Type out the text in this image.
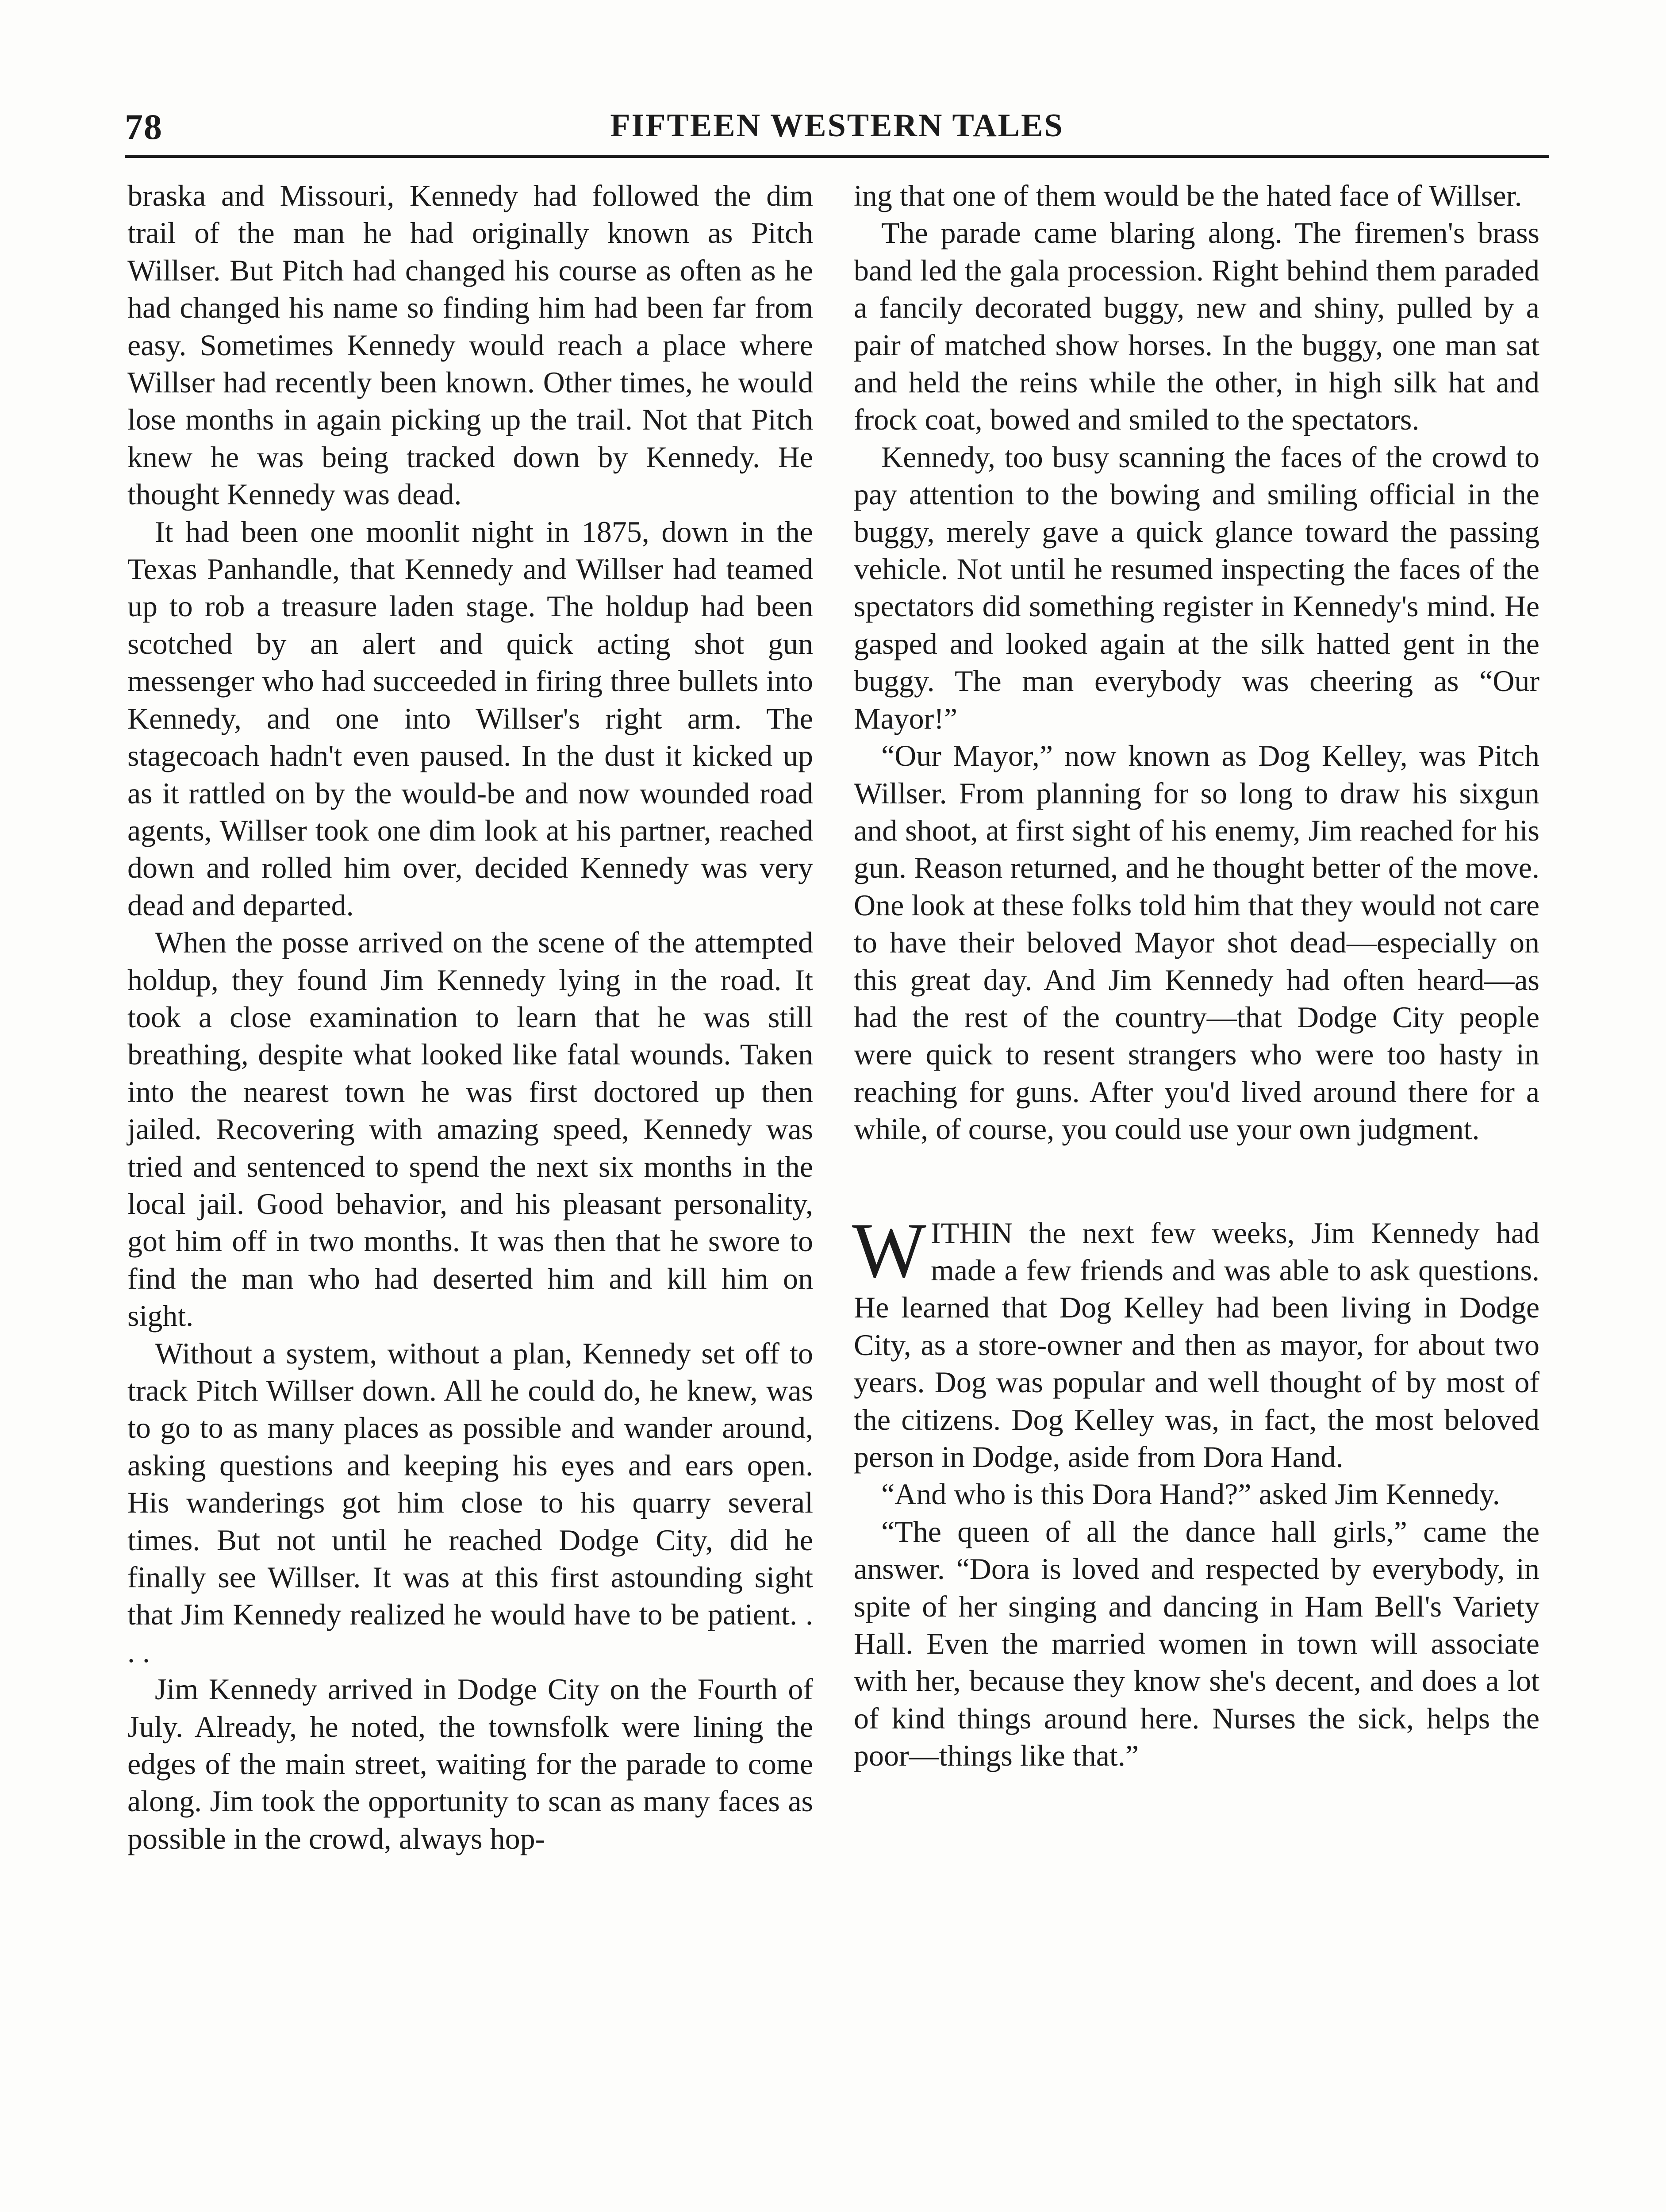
78	FIFTEEN WESTERN TALES

braska and Missouri, Kennedy had followed the dim trail of the man he had originally known as Pitch Willser. But Pitch had changed his course as often as he had changed his name so finding him had been far from easy. Sometimes Kennedy would reach a place where Willser had recently been known. Other times, he would lose months in again picking up the trail. Not that Pitch knew he was being tracked down by Kennedy. He thought Kennedy was dead.

It had been one moonlit night in 1875, down in the Texas Panhandle, that Kennedy and Willser had teamed up to rob a treasure laden stage. The holdup had been scotched by an alert and quick acting shot gun messenger who had succeeded in firing three bullets into Kennedy, and one into Willser's right arm. The stagecoach hadn't even paused. In the dust it kicked up as it rattled on by the would-be and now wounded road agents, Willser took one dim look at his partner, reached down and rolled him over, decided Kennedy was very dead and departed.

When the posse arrived on the scene of the attempted holdup, they found Jim Kennedy lying in the road. It took a close examination to learn that he was still breathing, despite what looked like fatal wounds. Taken into the nearest town he was first doctored up then jailed. Recovering with amazing speed, Kennedy was tried and sentenced to spend the next six months in the local jail. Good behavior, and his pleasant personality, got him off in two months. It was then that he swore to find the man who had deserted him and kill him on sight.

Without a system, without a plan, Kennedy set off to track Pitch Willser down. All he could do, he knew, was to go to as many places as possible and wander around, asking questions and keeping his eyes and ears open. His wanderings got him close to his quarry several times. But not until he reached Dodge City, did he finally see Willser. It was at this first astounding sight that Jim Kennedy realized he would have to be patient. . . .

Jim Kennedy arrived in Dodge City on the Fourth of July. Already, he noted, the townsfolk were lining the edges of the main street, waiting for the parade to come along. Jim took the opportunity to scan as many faces as possible in the crowd, always hop-

ing that one of them would be the hated face of Willser.

The parade came blaring along. The firemen's brass band led the gala procession. Right behind them paraded a fancily decorated buggy, new and shiny, pulled by a pair of matched show horses. In the buggy, one man sat and held the reins while the other, in high silk hat and frock coat, bowed and smiled to the spectators.

Kennedy, too busy scanning the faces of the crowd to pay attention to the bowing and smiling official in the buggy, merely gave a quick glance toward the passing vehicle. Not until he resumed inspecting the faces of the spectators did something register in Kennedy's mind. He gasped and looked again at the silk hatted gent in the buggy. The man everybody was cheering as “Our Mayor!”

“Our Mayor,” now known as Dog Kelley, was Pitch Willser. From planning for so long to draw his sixgun and shoot, at first sight of his enemy, Jim reached for his gun. Reason returned, and he thought better of the move. One look at these folks told him that they would not care to have their beloved Mayor shot dead—especially on this great day. And Jim Kennedy had often heard—as had the rest of the country—that Dodge City people were quick to resent strangers who were too hasty in reaching for guns. After you'd lived around there for a while, of course, you could use your own judgment.

WITHIN the next few weeks, Jim Kennedy had made a few friends and was able to ask questions. He learned that Dog Kelley had been living in Dodge City, as a store-owner and then as mayor, for about two years. Dog was popular and well thought of by most of the citizens. Dog Kelley was, in fact, the most beloved person in Dodge, aside from Dora Hand.

“And who is this Dora Hand?” asked Jim Kennedy.

“The queen of all the dance hall girls,” came the answer. “Dora is loved and respected by everybody, in spite of her singing and dancing in Ham Bell's Variety Hall. Even the married women in town will associate with her, because they know she's decent, and does a lot of kind things around here. Nurses the sick, helps the poor—things like that.”
